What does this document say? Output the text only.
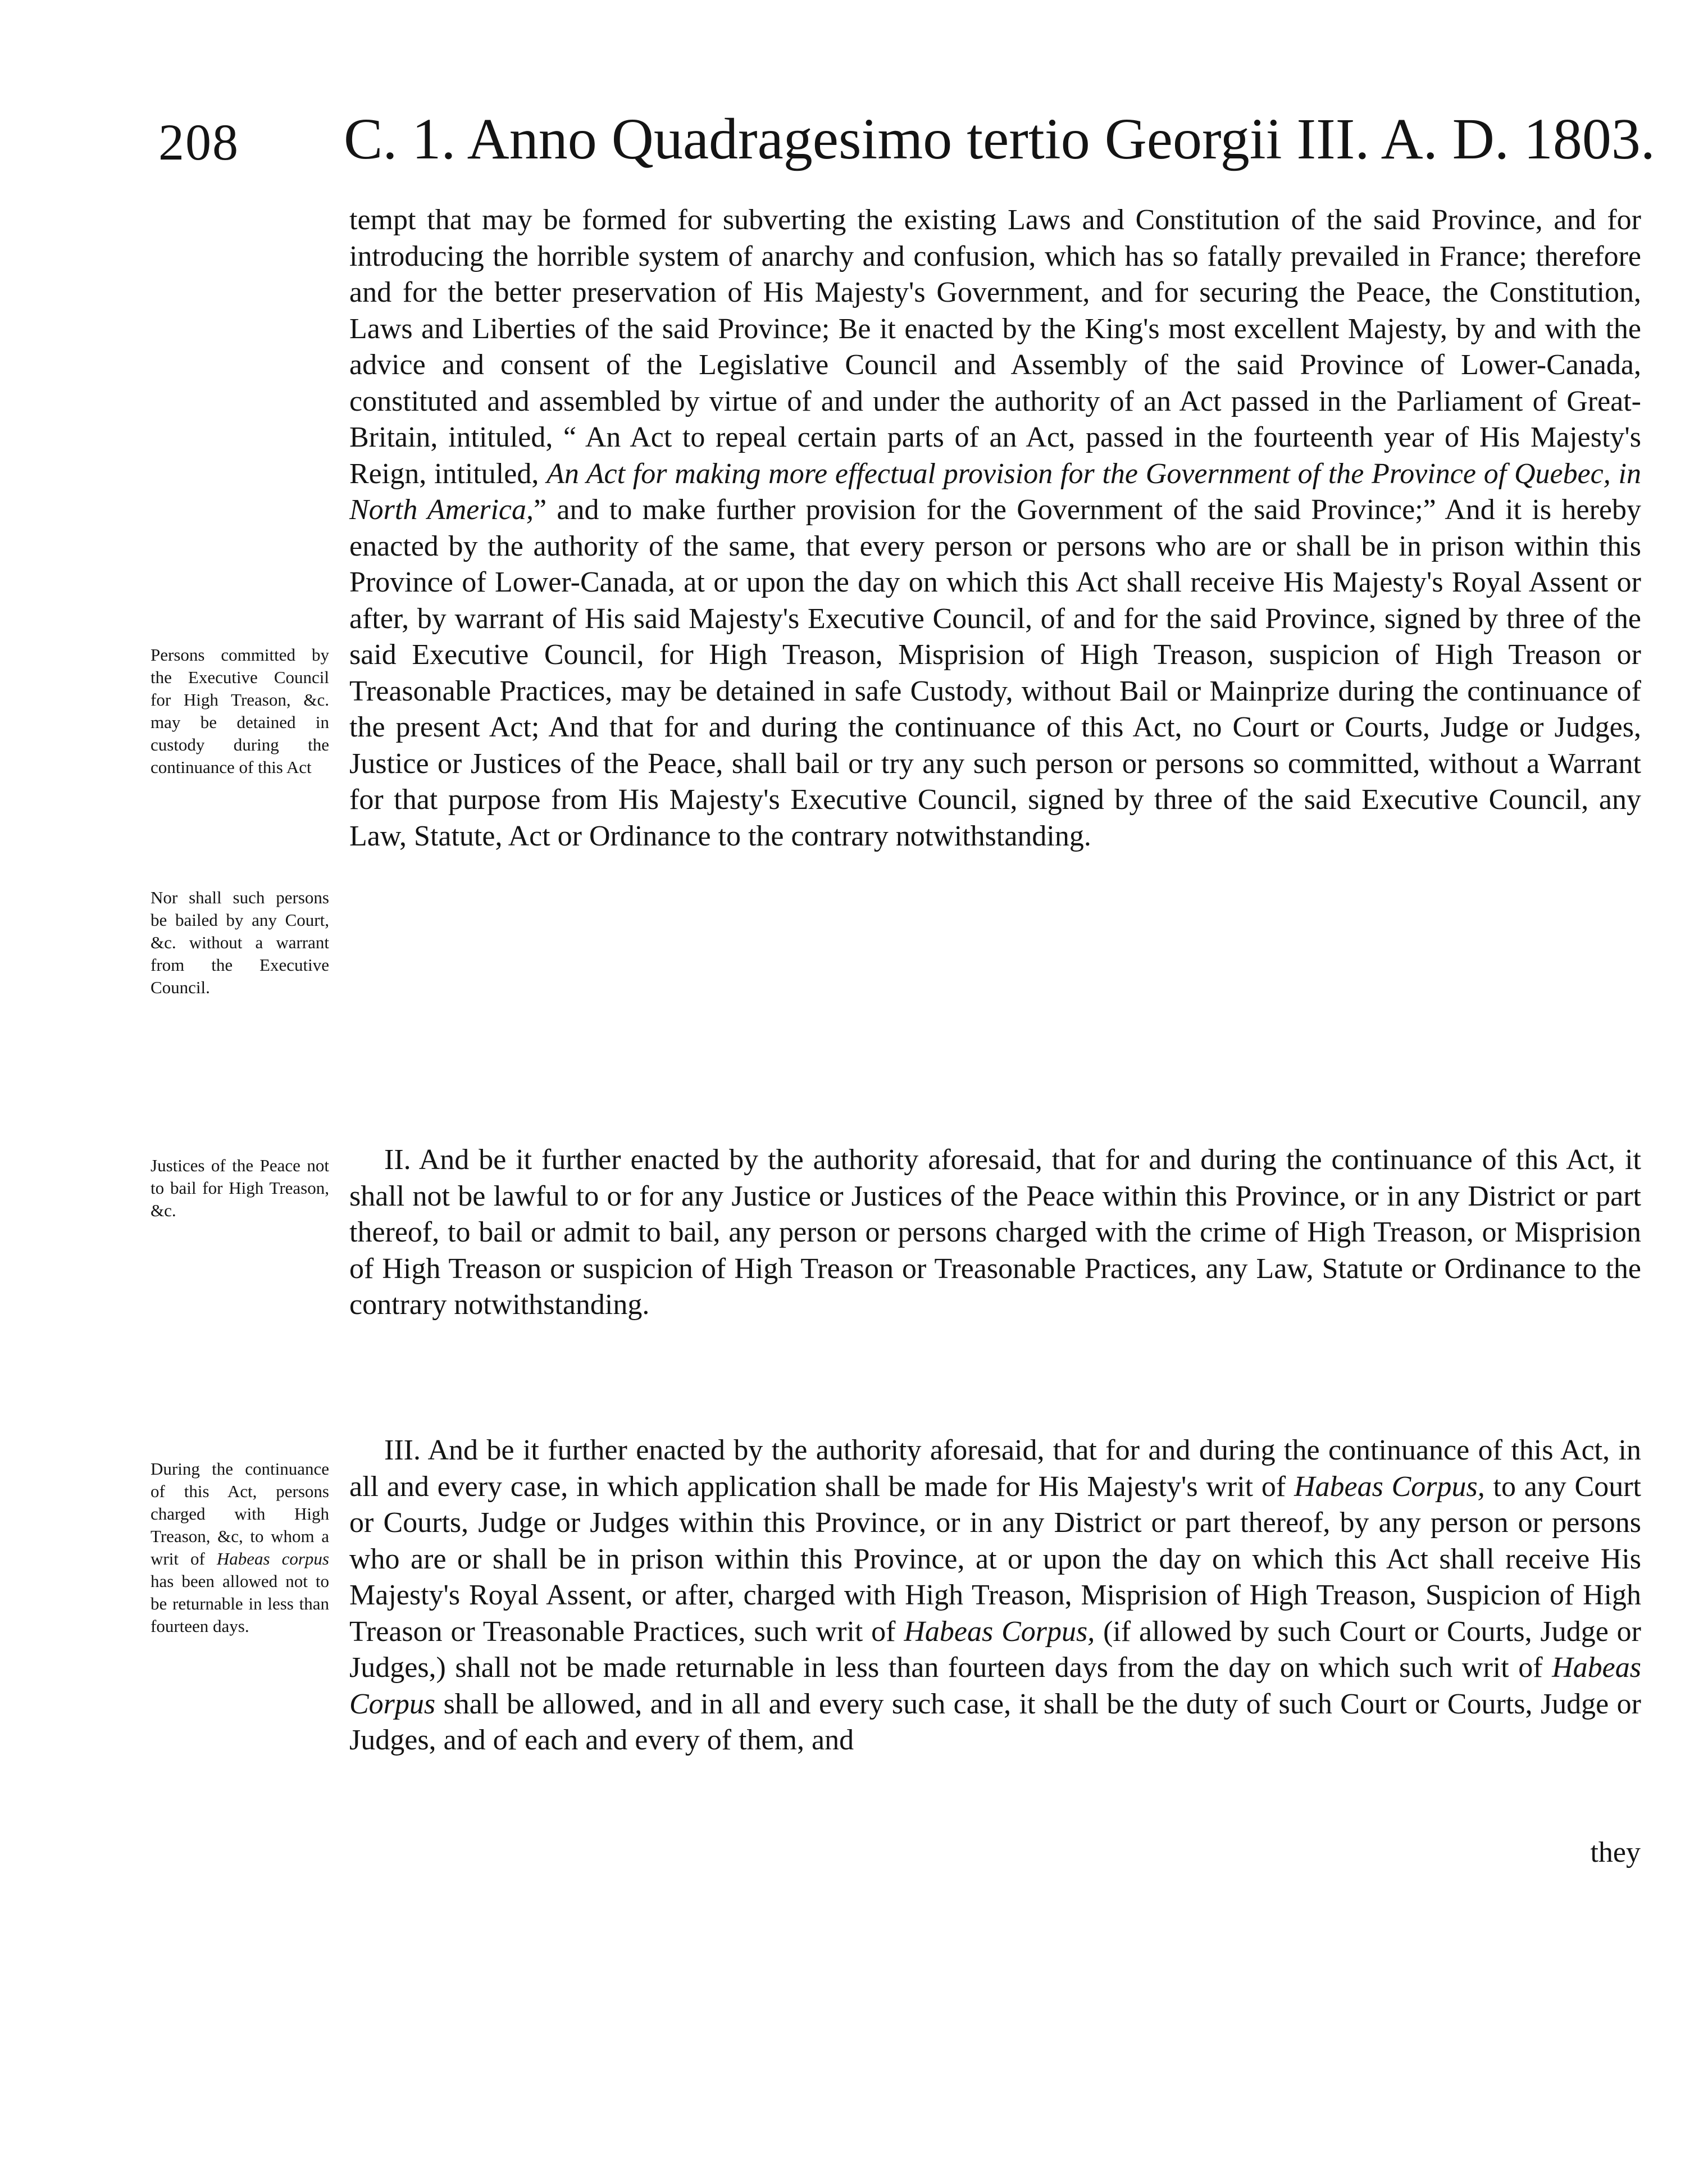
208 C. 1. Anno Quadragesimo tertio Georgii III. A. D. 1803.

tempt that may be formed for subverting the existing Laws and Constitution of the said Province, and for introducing the horrible system of anarchy and confusion, which has so fatally prevailed in France; therefore and for the better preservation of His Majesty's Government, and for securing the Peace, the Constitution, Laws and Liberties of the said Province; Be it enacted by the King's most excellent Majesty, by and with the advice and consent of the Legislative Council and Assembly of the said Province of Lower-Canada, constituted and assembled by virtue of and under the authority of an Act passed in the Parliament of Great-Britain, intituled, “ An Act to repeal certain parts of an Act, passed in the fourteenth year of His Majesty's Reign, intituled, An Act for making more effectual provision for the Government of the Province of Quebec, in North America,” and to make further provision for the Government of the said Province;” And it is hereby enacted by the authority of the same, that every person or persons who are or shall be in prison within this Province of Lower-Canada, at or upon the day on which this Act shall receive His Majesty's Royal Assent or after, by warrant of His said Majesty's Executive Council, of and for the said Province, signed by three of the said Executive Council, for High Treason, Misprision of High Treason, suspicion of High Treason or Treasonable Practices, may be detained in safe Custody, without Bail or Mainprize during the continuance of the present Act; And that for and during the continuance of this Act, no Court or Courts, Judge or Judges, Justice or Justices of the Peace, shall bail or try any such person or persons so committed, without a Warrant for that purpose from His Majesty's Executive Council, signed by three of the said Executive Council, any Law, Statute, Act or Ordinance to the contrary notwithstanding.

II. And be it further enacted by the authority aforesaid, that for and during the continuance of this Act, it shall not be lawful to or for any Justice or Justices of the Peace within this Province, or in any District or part thereof, to bail or admit to bail, any person or persons charged with the crime of High Treason, or Misprision of High Treason or suspicion of High Treason or Treasonable Practices, any Law, Statute or Ordinance to the contrary notwithstanding.

III. And be it further enacted by the authority aforesaid, that for and during the continuance of this Act, in all and every case, in which application shall be made for His Majesty's writ of Habeas Corpus, to any Court or Courts, Judge or Judges within this Province, or in any District or part thereof, by any person or persons who are or shall be in prison within this Province, at or upon the day on which this Act shall receive His Majesty's Royal Assent, or after, charged with High Treason, Misprision of High Treason, Suspicion of High Treason or Treasonable Practices, such writ of Habeas Corpus, (if allowed by such Court or Courts, Judge or Judges,) shall not be made returnable in less than fourteen days from the day on which such writ of Habeas Corpus shall be allowed, and in all and every such case, it shall be the duty of such Court or Courts, Judge or Judges, and of each and every of them, and

they
Persons committed by the Executive Council for High Treason, &c. may be detained in custody during the continuance of this Act
Nor shall such persons be bailed by any Court, &c. without a warrant from the Executive Council.
Justices of the Peace not to bail for High Treason, &c.
During the continuance of this Act, persons charged with High Treason, &c, to whom a writ of Habeas corpus has been allowed not to be returnable in less than fourteen days.
